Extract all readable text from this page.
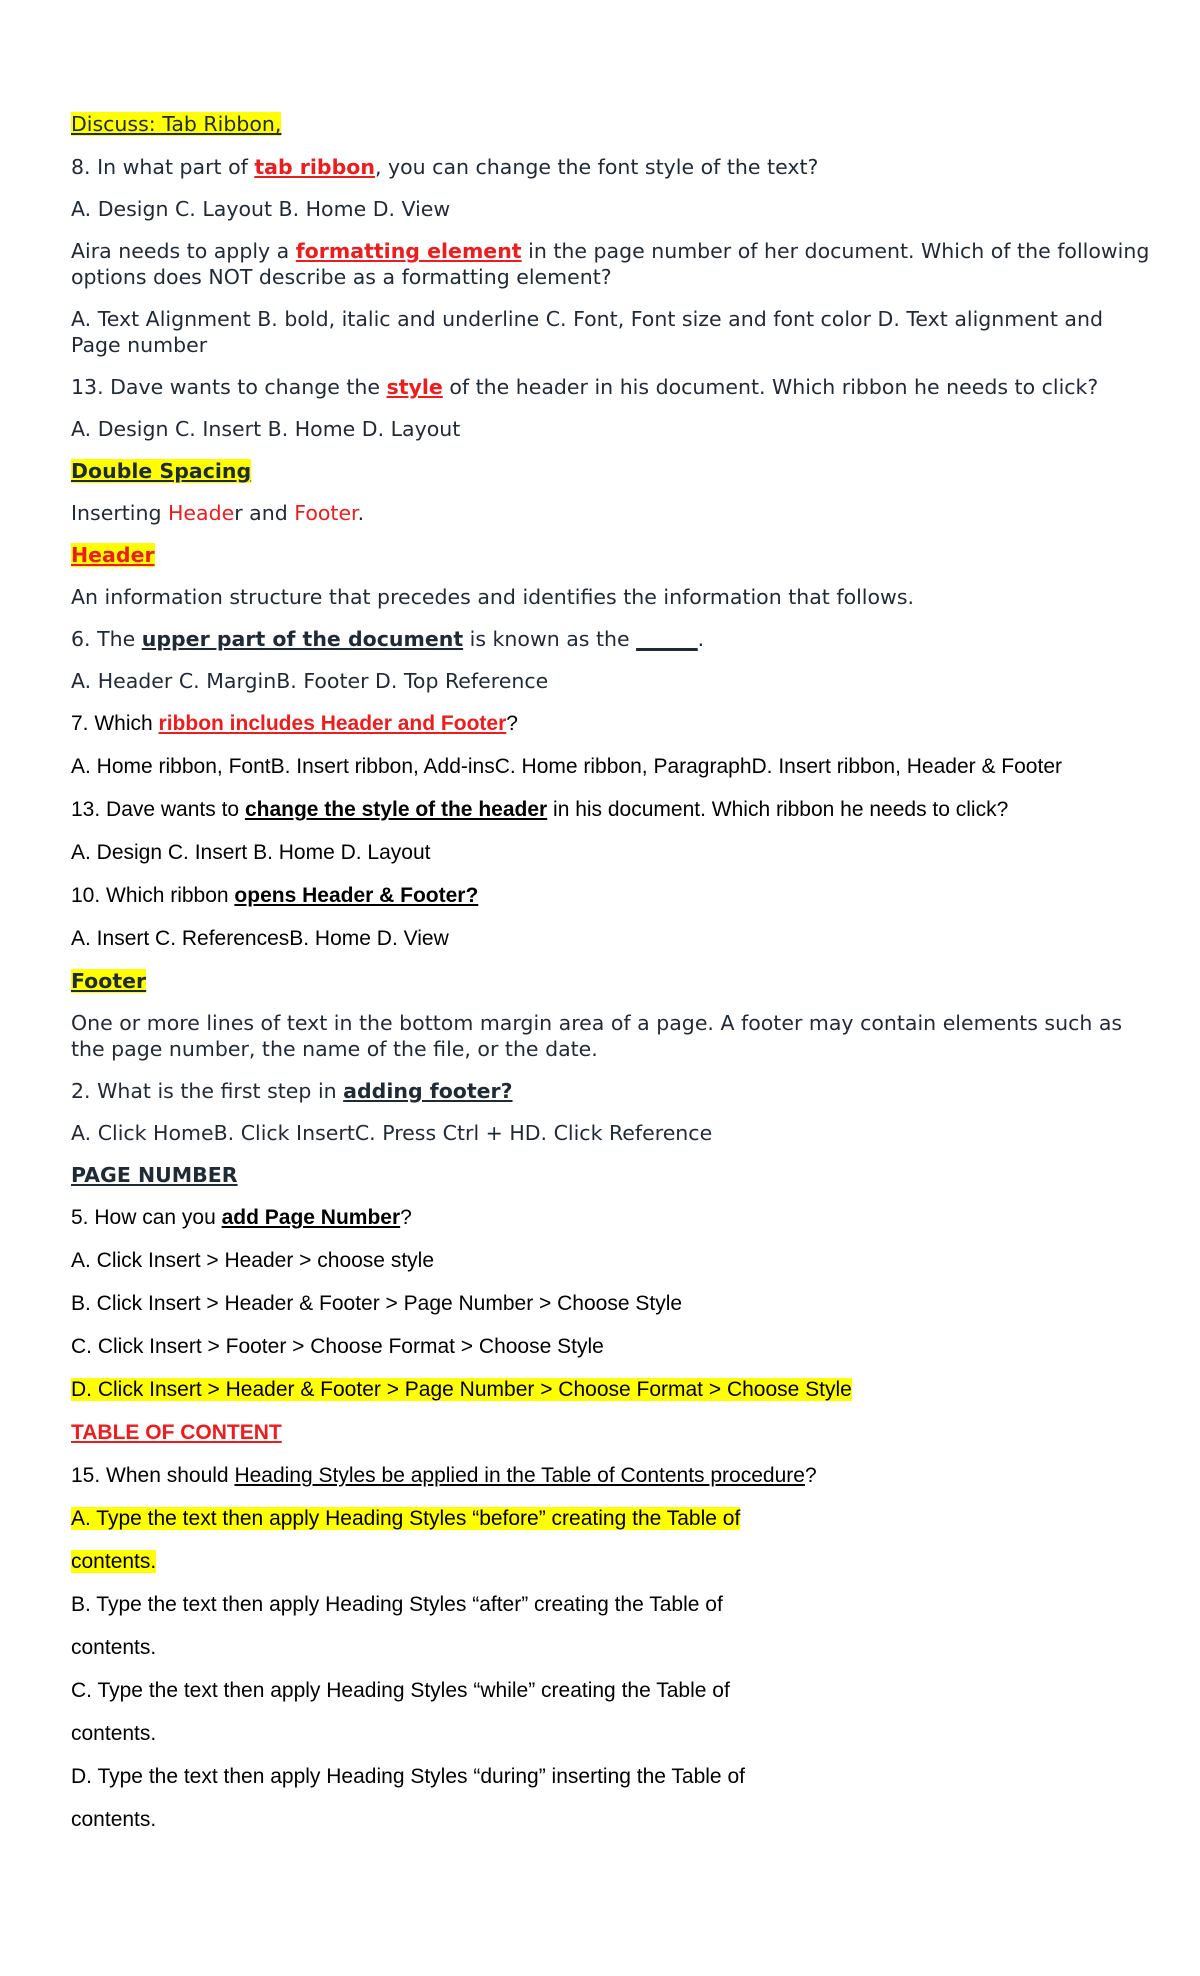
Discuss: Tab Ribbon,

8. In what part of tab ribbon, you can change the font style of the text?

A. Design C. Layout B. Home D. View

Aira needs to apply a formatting element in the page number of her document. Which of the following options does NOT describe as a formatting element?

A. Text Alignment B. bold, italic and underline C. Font, Font size and font color D. Text alignment and Page number

13. Dave wants to change the style of the header in his document. Which ribbon he needs to click?

A. Design C. Insert B. Home D. Layout

Double Spacing

Inserting Header and Footer.

Header

An information structure that precedes and identifies the information that follows.

6. The upper part of the document is known as the ______.

A. Header C. MarginB. Footer D. Top Reference

7. Which ribbon includes Header and Footer?

A. Home ribbon, FontB. Insert ribbon, Add-insC. Home ribbon, ParagraphD. Insert ribbon, Header & Footer

13. Dave wants to change the style of the header in his document. Which ribbon he needs to click?

A. Design C. Insert B. Home D. Layout

10. Which ribbon opens Header & Footer?

A. Insert C. ReferencesB. Home D. View

Footer

One or more lines of text in the bottom margin area of a page. A footer may contain elements such as the page number, the name of the file, or the date.

2. What is the first step in adding footer?

A. Click HomeB. Click InsertC. Press Ctrl + HD. Click Reference

PAGE NUMBER

5. How can you add Page Number?

A. Click Insert > Header > choose style

B. Click Insert > Header & Footer > Page Number > Choose Style

C. Click Insert > Footer > Choose Format > Choose Style

D. Click Insert > Header & Footer > Page Number > Choose Format > Choose Style

TABLE OF CONTENT

15. When should Heading Styles be applied in the Table of Contents procedure?

A. Type the text then apply Heading Styles “before” creating the Table of

contents.

B. Type the text then apply Heading Styles “after” creating the Table of

contents.

C. Type the text then apply Heading Styles “while” creating the Table of

contents.

D. Type the text then apply Heading Styles “during” inserting the Table of

contents.
